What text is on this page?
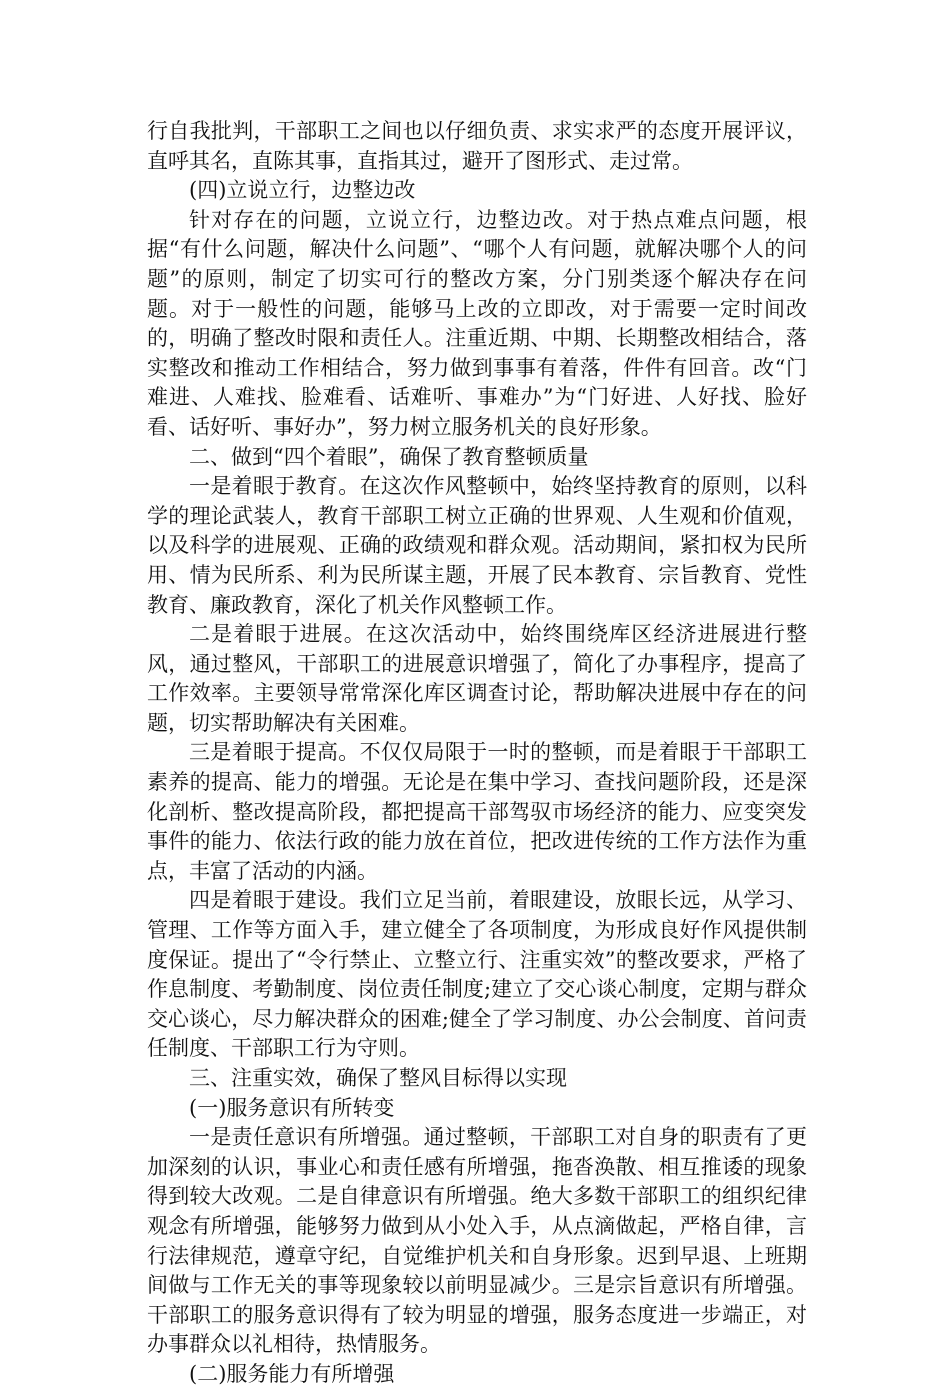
行自我批判，干部职工之间也以仔细负责、求实求严的态度开展评议，直呼其名，直陈其事，直指其过，避开了图形式、走过常。

(四)立说立行，边整边改

针对存在的问题，立说立行，边整边改。对于热点难点问题，根据“有什么问题，解决什么问题”、“哪个人有问题，就解决哪个人的问题”的原则，制定了切实可行的整改方案，分门别类逐个解决存在问题。对于一般性的问题，能够马上改的立即改，对于需要一定时间改的，明确了整改时限和责任人。注重近期、中期、长期整改相结合，落实整改和推动工作相结合，努力做到事事有着落，件件有回音。改“门难进、人难找、脸难看、话难听、事难办”为“门好进、人好找、脸好看、话好听、事好办”，努力树立服务机关的良好形象。

二、做到“四个着眼”，确保了教育整顿质量

一是着眼于教育。在这次作风整顿中，始终坚持教育的原则，以科学的理论武装人，教育干部职工树立正确的世界观、人生观和价值观，以及科学的进展观、正确的政绩观和群众观。活动期间，紧扣权为民所用、情为民所系、利为民所谋主题，开展了民本教育、宗旨教育、党性教育、廉政教育，深化了机关作风整顿工作。

二是着眼于进展。在这次活动中，始终围绕库区经济进展进行整风，通过整风，干部职工的进展意识增强了，简化了办事程序，提高了工作效率。主要领导常常深化库区调查讨论，帮助解决进展中存在的问题，切实帮助解决有关困难。

三是着眼于提高。不仅仅局限于一时的整顿，而是着眼于干部职工素养的提高、能力的增强。无论是在集中学习、查找问题阶段，还是深化剖析、整改提高阶段，都把提高干部驾驭市场经济的能力、应变突发事件的能力、依法行政的能力放在首位，把改进传统的工作方法作为重点，丰富了活动的内涵。

四是着眼于建设。我们立足当前，着眼建设，放眼长远，从学习、管理、工作等方面入手，建立健全了各项制度，为形成良好作风提供制度保证。提出了“令行禁止、立整立行、注重实效”的整改要求，严格了作息制度、考勤制度、岗位责任制度;建立了交心谈心制度，定期与群众交心谈心，尽力解决群众的困难;健全了学习制度、办公会制度、首问责任制度、干部职工行为守则。

三、注重实效，确保了整风目标得以实现

(一)服务意识有所转变

一是责任意识有所增强。通过整顿，干部职工对自身的职责有了更加深刻的认识，事业心和责任感有所增强，拖沓涣散、相互推诿的现象得到较大改观。二是自律意识有所增强。绝大多数干部职工的组织纪律观念有所增强，能够努力做到从小处入手，从点滴做起，严格自律，言行法律规范，遵章守纪，自觉维护机关和自身形象。迟到早退、上班期间做与工作无关的事等现象较以前明显减少。三是宗旨意识有所增强。干部职工的服务意识得有了较为明显的增强，服务态度进一步端正，对办事群众以礼相待，热情服务。

(二)服务能力有所增强
